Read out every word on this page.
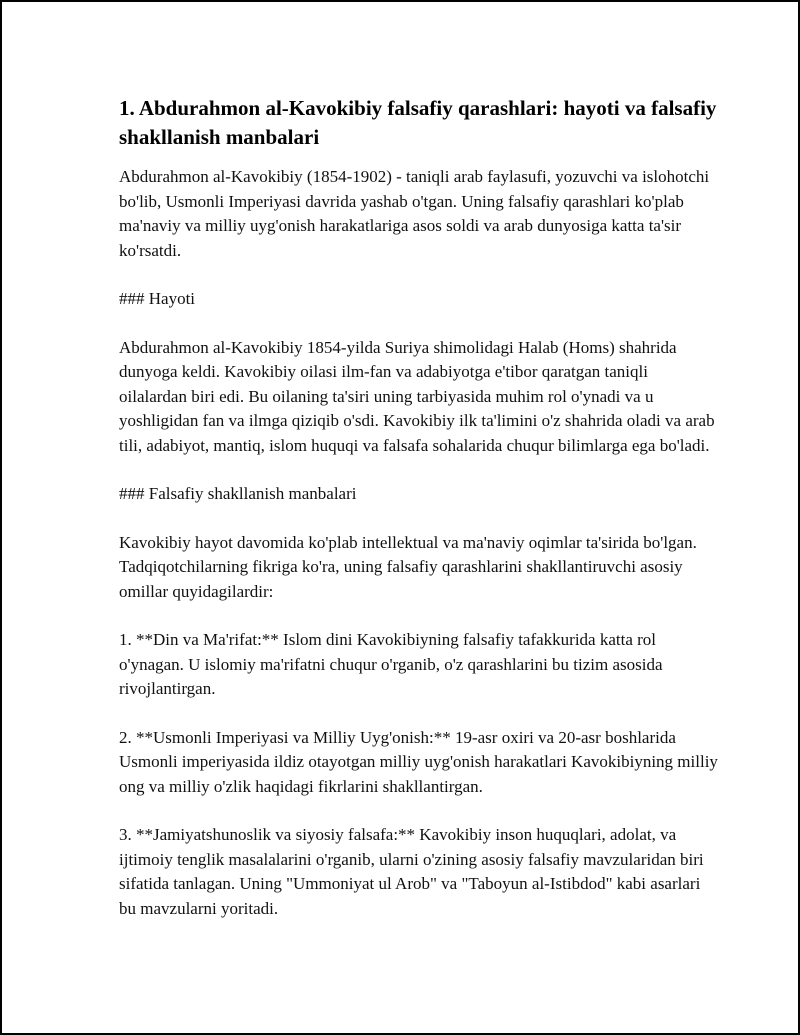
1. Abdurahmon al-Kavokibiy falsafiy qarashlari: hayoti va falsafiy shakllanish manbalari

Abdurahmon al-Kavokibiy (1854-1902) - taniqli arab faylasufi, yozuvchi va islohotchi bo'lib, Usmonli Imperiyasi davrida yashab o'tgan. Uning falsafiy qarashlari ko'plab ma'naviy va milliy uyg'onish harakatlariga asos soldi va arab dunyosiga katta ta'sir ko'rsatdi.

### Hayoti

Abdurahmon al-Kavokibiy 1854-yilda Suriya shimolidagi Halab (Homs) shahrida dunyoga keldi. Kavokibiy oilasi ilm-fan va adabiyotga e'tibor qaratgan taniqli oilalardan biri edi. Bu oilaning ta'siri uning tarbiyasida muhim rol o'ynadi va u yoshligidan fan va ilmga qiziqib o'sdi. Kavokibiy ilk ta'limini o'z shahrida oladi va arab tili, adabiyot, mantiq, islom huquqi va falsafa sohalarida chuqur bilimlarga ega bo'ladi.

### Falsafiy shakllanish manbalari

Kavokibiy hayot davomida ko'plab intellektual va ma'naviy oqimlar ta'sirida bo'lgan. Tadqiqotchilarning fikriga ko'ra, uning falsafiy qarashlarini shakllantiruvchi asosiy omillar quyidagilardir:

1. **Din va Ma'rifat:** Islom dini Kavokibiyning falsafiy tafakkurida katta rol o'ynagan. U islomiy ma'rifatni chuqur o'rganib, o'z qarashlarini bu tizim asosida rivojlantirgan.

2. **Usmonli Imperiyasi va Milliy Uyg'onish:** 19-asr oxiri va 20-asr boshlarida Usmonli imperiyasida ildiz otayotgan milliy uyg'onish harakatlari Kavokibiyning milliy ong va milliy o'zlik haqidagi fikrlarini shakllantirgan.

3. **Jamiyatshunoslik va siyosiy falsafa:** Kavokibiy inson huquqlari, adolat, va ijtimoiy tenglik masalalarini o'rganib, ularni o'zining asosiy falsafiy mavzularidan biri sifatida tanlagan. Uning "Ummoniyat ul Arob" va "Taboyun al-Istibdod" kabi asarlari bu mavzularni yoritadi.
